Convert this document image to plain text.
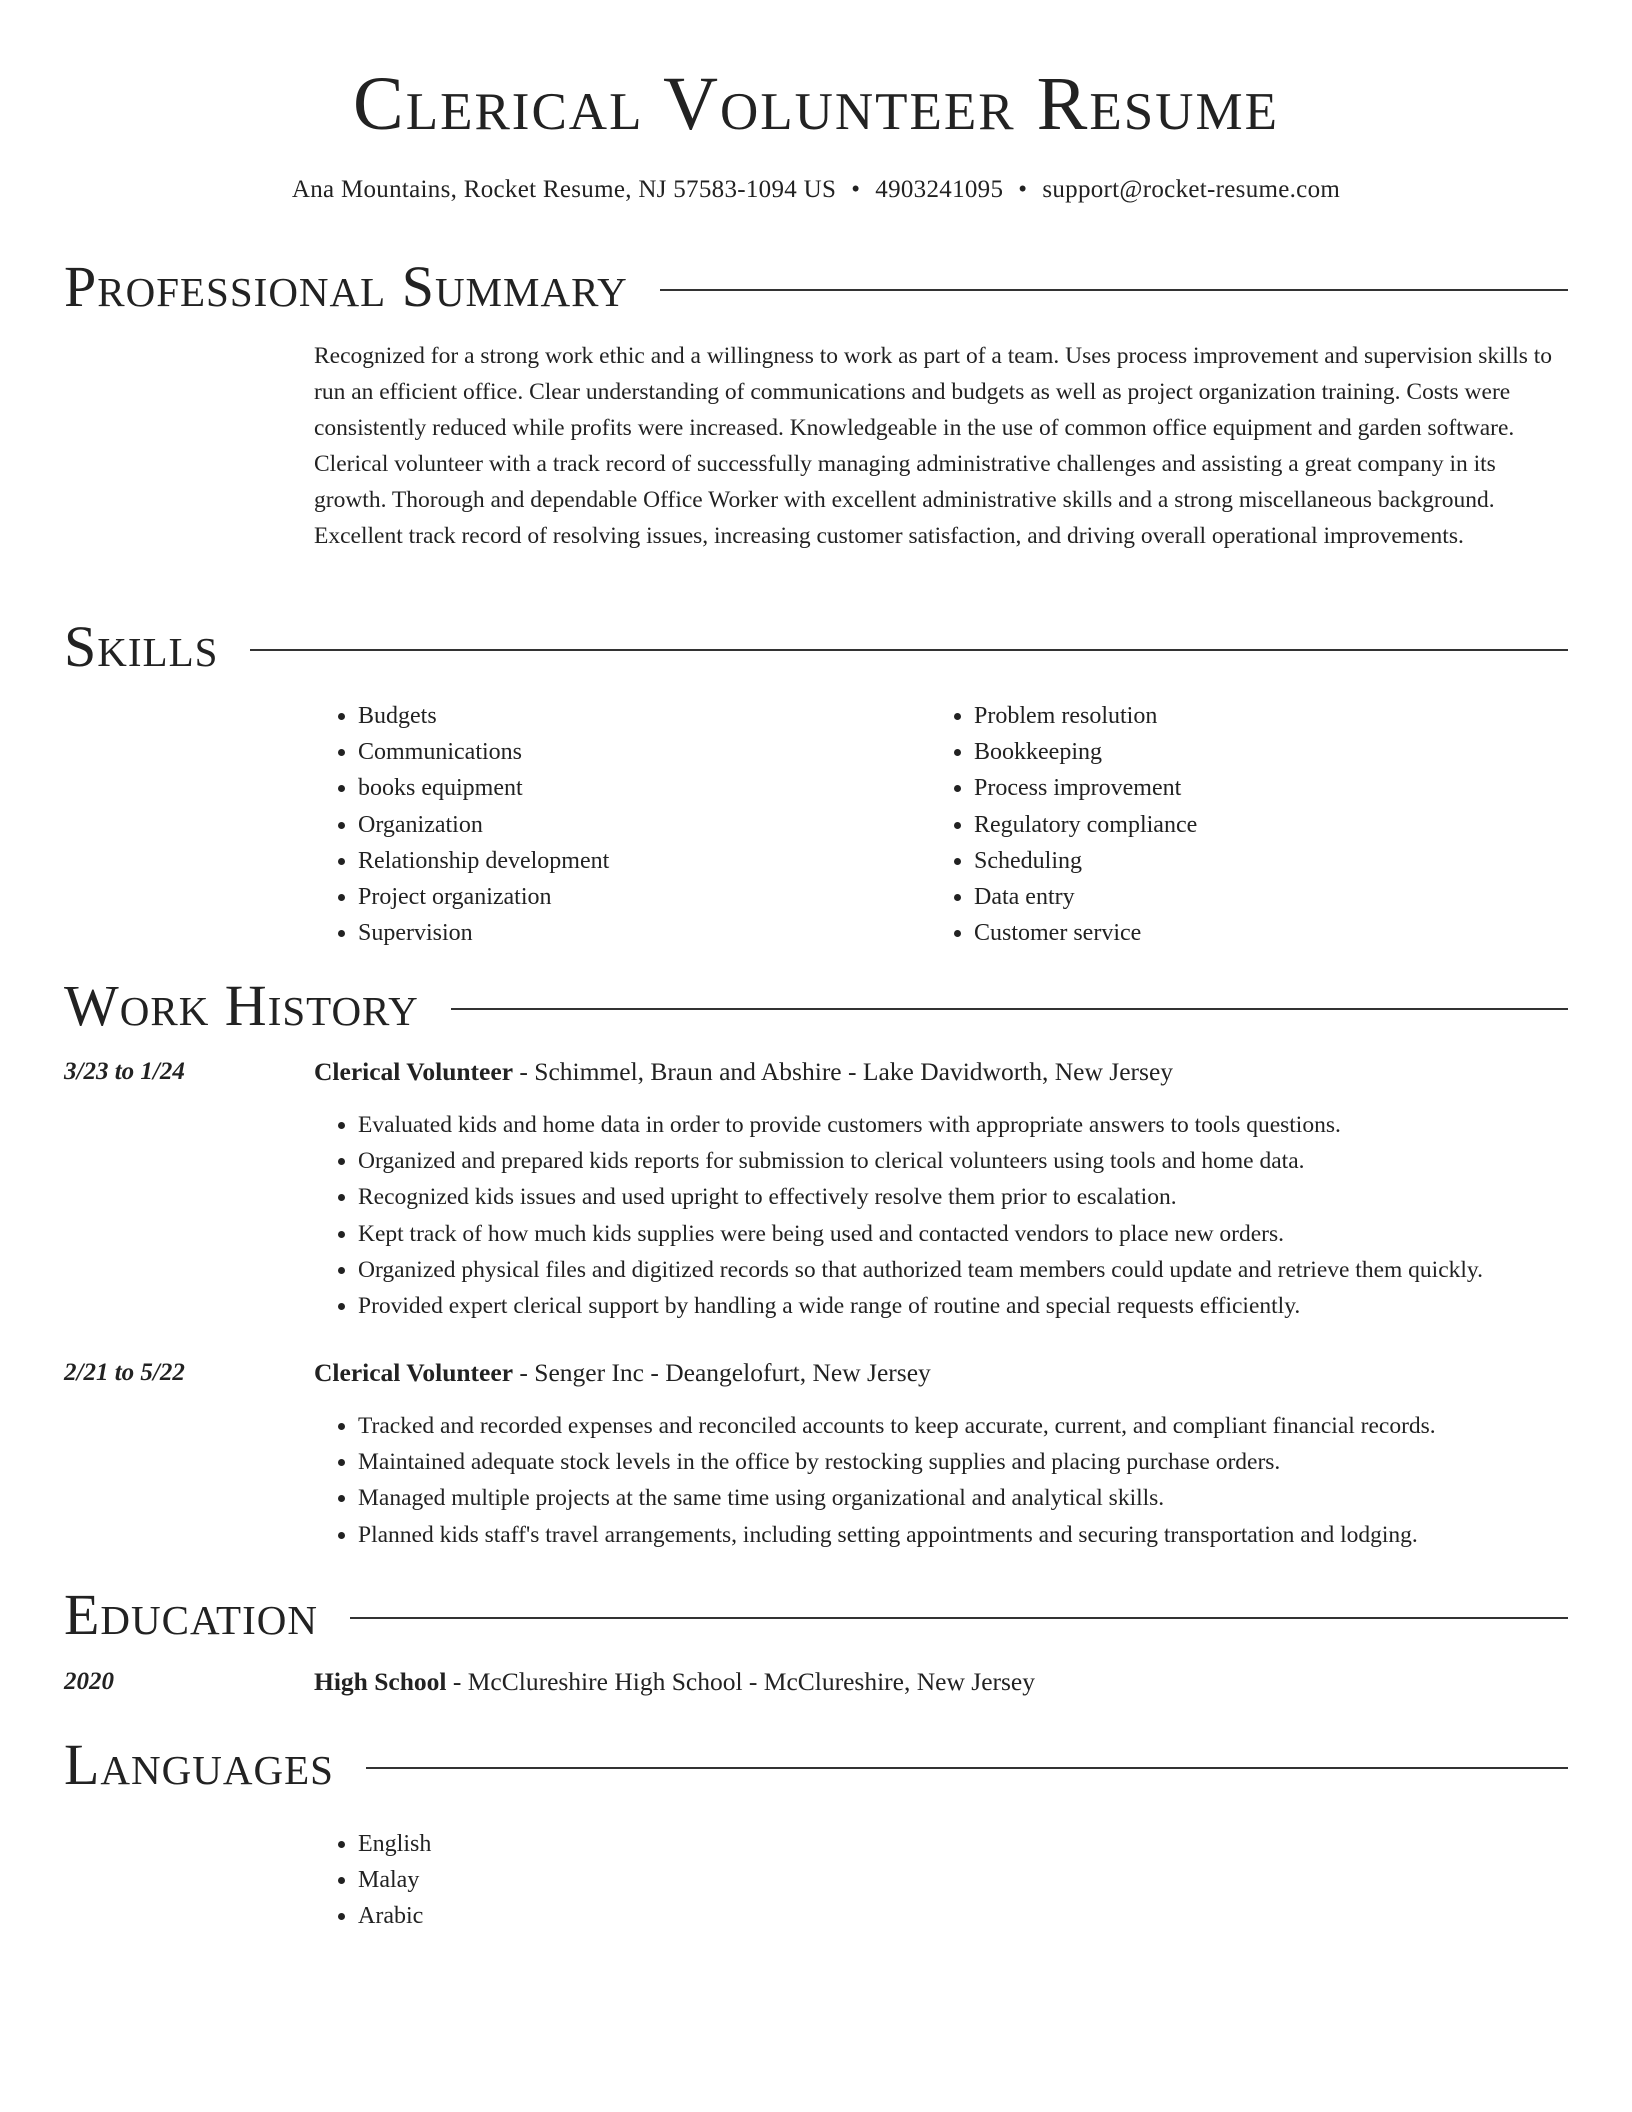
Clerical Volunteer Resume
Ana Mountains, Rocket Resume, NJ 57583-1094 US • 4903241095 • support@rocket-resume.com
Professional Summary

Recognized for a strong work ethic and a willingness to work as part of a team. Uses process improvement and supervision skills to run an efficient office. Clear understanding of communications and budgets as well as project organization training. Costs were consistently reduced while profits were increased. Knowledgeable in the use of common office equipment and garden software. Clerical volunteer with a track record of successfully managing administrative challenges and assisting a great company in its growth. Thorough and dependable Office Worker with excellent administrative skills and a strong miscellaneous background. Excellent track record of resolving issues, increasing customer satisfaction, and driving overall operational improvements.

Skills
• Budgets
• Communications
• books equipment
• Organization
• Relationship development
• Project organization
• Supervision
• Problem resolution
• Bookkeeping
• Process improvement
• Regulatory compliance
• Scheduling
• Data entry
• Customer service
Work History
3/23 to 1/24	Clerical Volunteer - Schimmel, Braun and Abshire - Lake Davidworth, New Jersey
• Evaluated kids and home data in order to provide customers with appropriate answers to tools questions.
• Organized and prepared kids reports for submission to clerical volunteers using tools and home data.
• Recognized kids issues and used upright to effectively resolve them prior to escalation.
• Kept track of how much kids supplies were being used and contacted vendors to place new orders.
• Organized physical files and digitized records so that authorized team members could update and retrieve them quickly.
• Provided expert clerical support by handling a wide range of routine and special requests efficiently.
2/21 to 5/22	Clerical Volunteer - Senger Inc - Deangelofurt, New Jersey
• Tracked and recorded expenses and reconciled accounts to keep accurate, current, and compliant financial records.
• Maintained adequate stock levels in the office by restocking supplies and placing purchase orders.
• Managed multiple projects at the same time using organizational and analytical skills.
• Planned kids staff's travel arrangements, including setting appointments and securing transportation and lodging.
Education
2020	High School - McClureshire High School - McClureshire, New Jersey
Languages
• English
• Malay
• Arabic
